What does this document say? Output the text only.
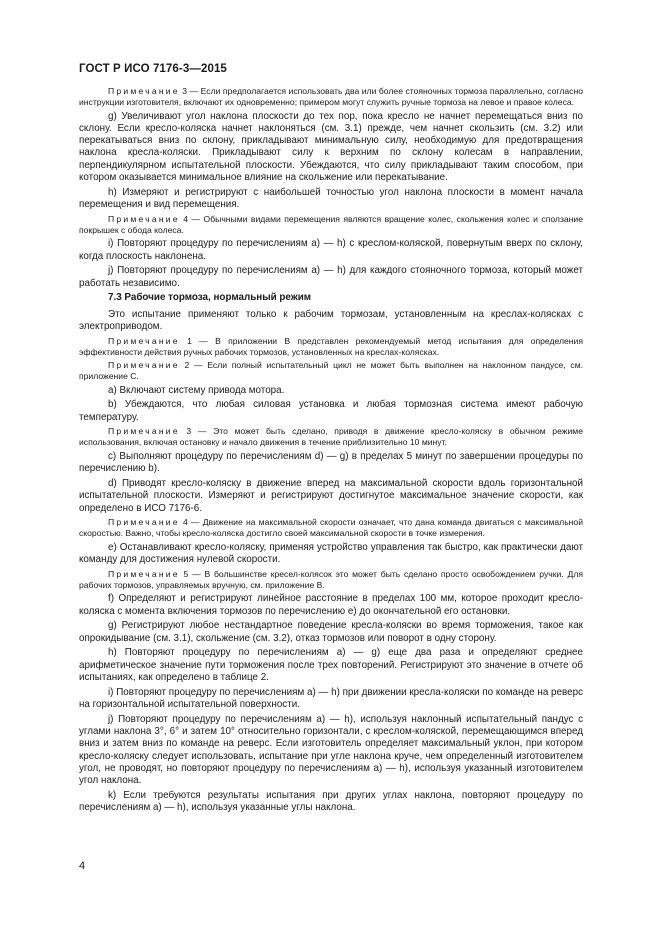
ГОСТ Р ИСО 7176-3—2015

Примечание 3 — Если предполагается использовать два или более стояночных тормоза параллельно, согласно инструкции изготовителя, включают их одновременно; примером могут служить ручные тормоза на левое и правое колеса.

g) Увеличивают угол наклона плоскости до тех пор, пока кресло не начнет перемещаться вниз по склону. Если кресло-коляска начнет наклоняться (см. 3.1) прежде, чем начнет скользить (см. 3.2) или перекатываться вниз по склону, прикладывают минимальную силу, необходимую для предотвращения наклона кресла-коляски. Прикладывают силу к верхним по склону колесам в направлении, перпендикулярном испытательной плоскости. Убеждаются, что силу прикладывают таким способом, при котором оказывается минимальное влияние на скольжение или перекатывание.

h) Измеряют и регистрируют с наибольшей точностью угол наклона плоскости в момент начала перемещения и вид перемещения.

Примечание 4 — Обычными видами перемещения являются вращение колес, скольжения колес и сползание покрышек с обода колеса.

i) Повторяют процедуру по перечислениям а) — h) с креслом-коляской, повернутым вверх по склону, когда плоскость наклонена.

j) Повторяют процедуру по перечислениям а) — h) для каждого стояночного тормоза, который может работать независимо.

7.3 Рабочие тормоза, нормальный режим

Это испытание применяют только к рабочим тормозам, установленным на креслах-колясках с электроприводом.

Примечание 1 — В приложении В представлен рекомендуемый метод испытания для определения эффективности действия ручных рабочих тормозов, установленных на креслах-колясках.

Примечание 2 — Если полный испытательный цикл не может быть выполнен на наклонном пандусе, см. приложение C.

а) Включают систему привода мотора.

b) Убеждаются, что любая силовая установка и любая тормозная система имеют рабочую температуру.

Примечание 3 — Это может быть сделано, приводя в движение кресло-коляску в обычном режиме использования, включая остановку и начало движения в течение приблизительно 10 минут.

c) Выполняют процедуру по перечислениям d) — g) в пределах 5 минут по завершении процедуры по перечислению b).

d) Приводят кресло-коляску в движение вперед на максимальной скорости вдоль горизонтальной испытательной плоскости. Измеряют и регистрируют достигнутое максимальное значение скорости, как определено в ИСО 7176-6.

Примечание 4 — Движение на максимальной скорости означает, что дана команда двигаться с максимальной скоростью. Важно, чтобы кресло-коляска достигло своей максимальной скорости в точке измерения.

e) Останавливают кресло-коляску, применяя устройство управления так быстро, как практически дают команду для достижения нулевой скорости.

Примечание 5 — В большинстве кресел-колясок это может быть сделано просто освобождением ручки. Для рабочих тормозов, управляемых вручную, см. приложение В.

f) Определяют и регистрируют линейное расстояние в пределах 100 мм, которое проходит кресло-коляска с момента включения тормозов по перечислению е) до окончательной его остановки.

g) Регистрируют любое нестандартное поведение кресла-коляски во время торможения, такое как опрокидывание (см. 3.1), скольжение (см. 3.2), отказ тормозов или поворот в одну сторону.

h) Повторяют процедуру по перечислениям а) — g) еще два раза и определяют среднее арифметическое значение пути торможения после трех повторений. Регистрируют это значение в отчете об испытаниях, как определено в таблице 2.

i) Повторяют процедуру по перечислениям а) — h) при движении кресла-коляски по команде на реверс на горизонтальной испытательной поверхности.

j) Повторяют процедуру по перечислениям а) — h), используя наклонный испытательный пандус с углами наклона 3°, 6° и затем 10° относительно горизонтали, с креслом-коляской, перемещающимся вперед вниз и затем вниз по команде на реверс. Если изготовитель определяет максимальный уклон, при котором кресло-коляску следует использовать, испытание при угле наклона круче, чем определенный изготовителем угол, не проводят, но повторяют процедуру по перечислениям а) — h), используя указанный изготовителем угол наклона.

k) Если требуются результаты испытания при других углах наклона, повторяют процедуру по перечислениям а) — h), используя указанные углы наклона.

4
